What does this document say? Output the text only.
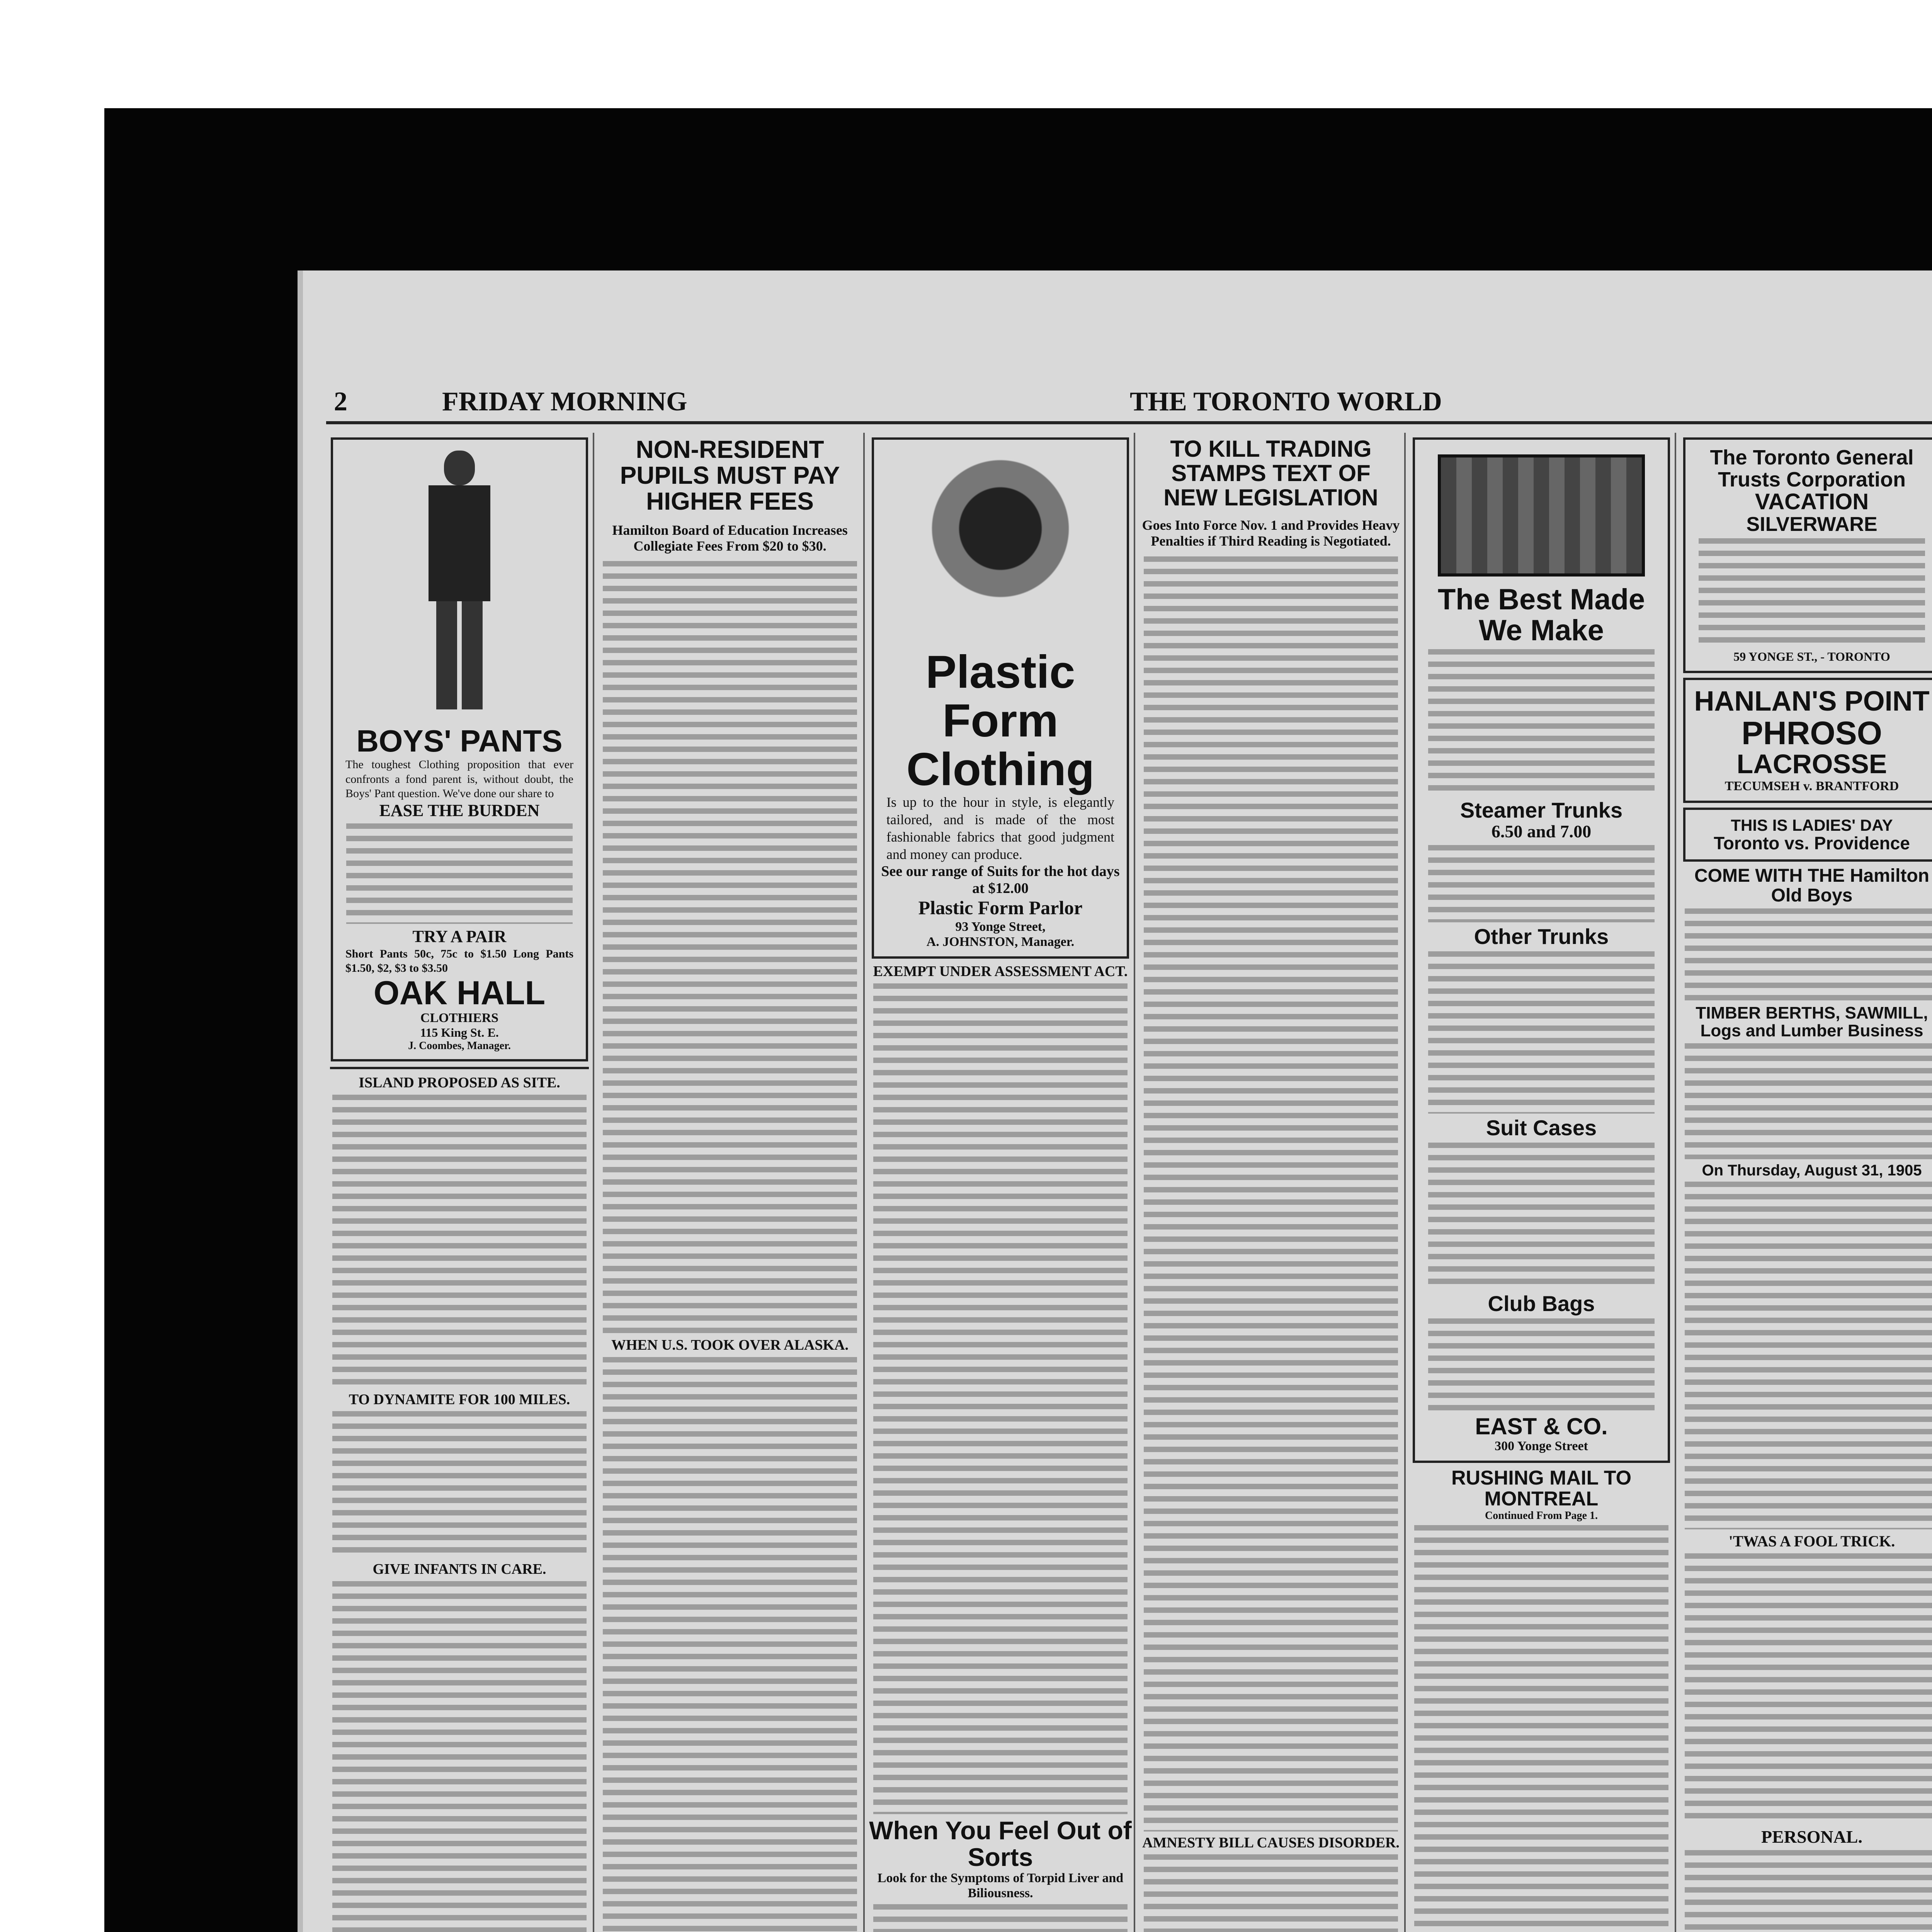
2	FRIDAY MORNING	THE TORONTO WORLD
BOYS' PANTS
The toughest Clothing proposition that ever confronts a fond parent is, without doubt, the Boys' Pant question. We've done our share to
EASE THE BURDEN
TRY A PAIR
Short Pants 50c, 75c to $1.50 Long Pants $1.50, $2, $3 to $3.50
OAK HALL
CLOTHIERS
115 King St. E.
J. Coombes, Manager.
ISLAND PROPOSED AS SITE.
TO DYNAMITE FOR 100 MILES.
GIVE INFANTS IN CARE.
NON-RESIDENT PUPILS MUST PAY HIGHER FEES
Hamilton Board of Education Increases Collegiate Fees From $20 to $30.
WHEN U.S. TOOK OVER ALASKA.
Plastic
Form
Clothing
Is up to the hour in style, is elegantly tailored, and is made of the most fashionable fabrics that good judgment and money can produce.
See our range of Suits for the hot days at $12.00
Plastic Form Parlor
93 Yonge Street,
A. JOHNSTON, Manager.
EXEMPT UNDER ASSESSMENT ACT.
When You Feel Out of Sorts
Look for the Symptoms of Torpid Liver and Biliousness.
TO KILL TRADING STAMPS TEXT OF NEW LEGISLATION
Goes Into Force Nov. 1 and Provides Heavy Penalties if Third Reading is Negotiated.
AMNESTY BILL CAUSES DISORDER.
The Best Made We Make
Steamer Trunks
6.50 and 7.00
Other Trunks
Suit Cases
Club Bags
EAST & CO.
300 Yonge Street
RUSHING MAIL TO MONTREAL
Continued From Page 1.
The Toronto General Trusts Corporation
VACATION
SILVERWARE
59 YONGE ST., - TORONTO
HANLAN'S POINT
PHROSO
LACROSSE
TECUMSEH v. BRANTFORD
THIS IS LADIES' DAY
Toronto vs. Providence
COME WITH THE Hamilton Old Boys
TIMBER BERTHS, SAWMILL, Logs and Lumber Business
On Thursday, August 31, 1905
'TWAS A FOOL TRICK.
PERSONAL.
